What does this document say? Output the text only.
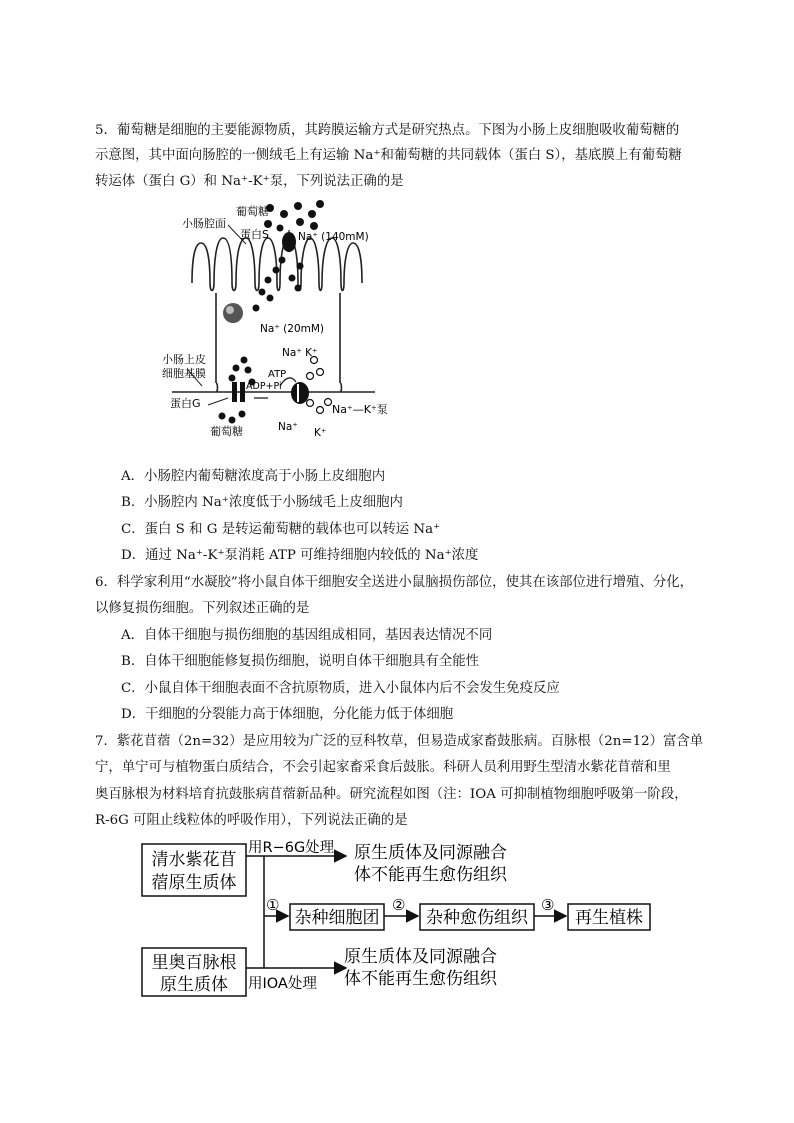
5．葡萄糖是细胞的主要能源物质，其跨膜运输方式是研究热点。下图为小肠上皮细胞吸收葡萄糖的
示意图，其中面向肠腔的一侧绒毛上有运输 Na⁺和葡萄糖的共同载体（蛋白 S），基底膜上有葡萄糖
转运体（蛋白 G）和 Na⁺-K⁺泵，下列说法正确的是
葡萄糖
小肠腔面
蛋白S	Na⁺ (140mM)
Na⁺ (20mM)
小肠上皮
细胞基膜
Na⁺ K⁺
ATP
ADP+Pi
蛋白G	Na⁺—K⁺泵
葡萄糖	Na⁺ K⁺
A．小肠腔内葡萄糖浓度高于小肠上皮细胞内
B．小肠腔内 Na⁺浓度低于小肠绒毛上皮细胞内
C．蛋白 S 和 G 是转运葡萄糖的载体也可以转运 Na⁺
D．通过 Na⁺-K⁺泵消耗 ATP 可维持细胞内较低的 Na⁺浓度
6．科学家利用“水凝胶”将小鼠自体干细胞安全送进小鼠脑损伤部位，使其在该部位进行增殖、分化，
以修复损伤细胞。下列叙述正确的是
A．自体干细胞与损伤细胞的基因组成相同，基因表达情况不同
B．自体干细胞能修复损伤细胞，说明自体干细胞具有全能性
C．小鼠自体干细胞表面不含抗原物质，进入小鼠体内后不会发生免疫反应
D．干细胞的分裂能力高于体细胞，分化能力低于体细胞
7．紫花苜蓿（2n=32）是应用较为广泛的豆科牧草，但易造成家畜鼓胀病。百脉根（2n=12）富含单
宁，单宁可与植物蛋白质结合，不会引起家畜采食后鼓胀。科研人员利用野生型清水紫花苜蓿和里
奥百脉根为材料培育抗鼓胀病苜蓿新品种。研究流程如图（注：IOA 可抑制植物细胞呼吸第一阶段，
R-6G 可阻止线粒体的呼吸作用），下列说法正确的是
清水紫花苜
蓿原生质体
里奥百脉根
原生质体
用R−6G处理 原生质体及同源融合
体不能再生愈伤组织
①
杂种细胞团
②
杂种愈伤组织
③
再生植株
用IOA处理
原生质体及同源融合
体不能再生愈伤组织
